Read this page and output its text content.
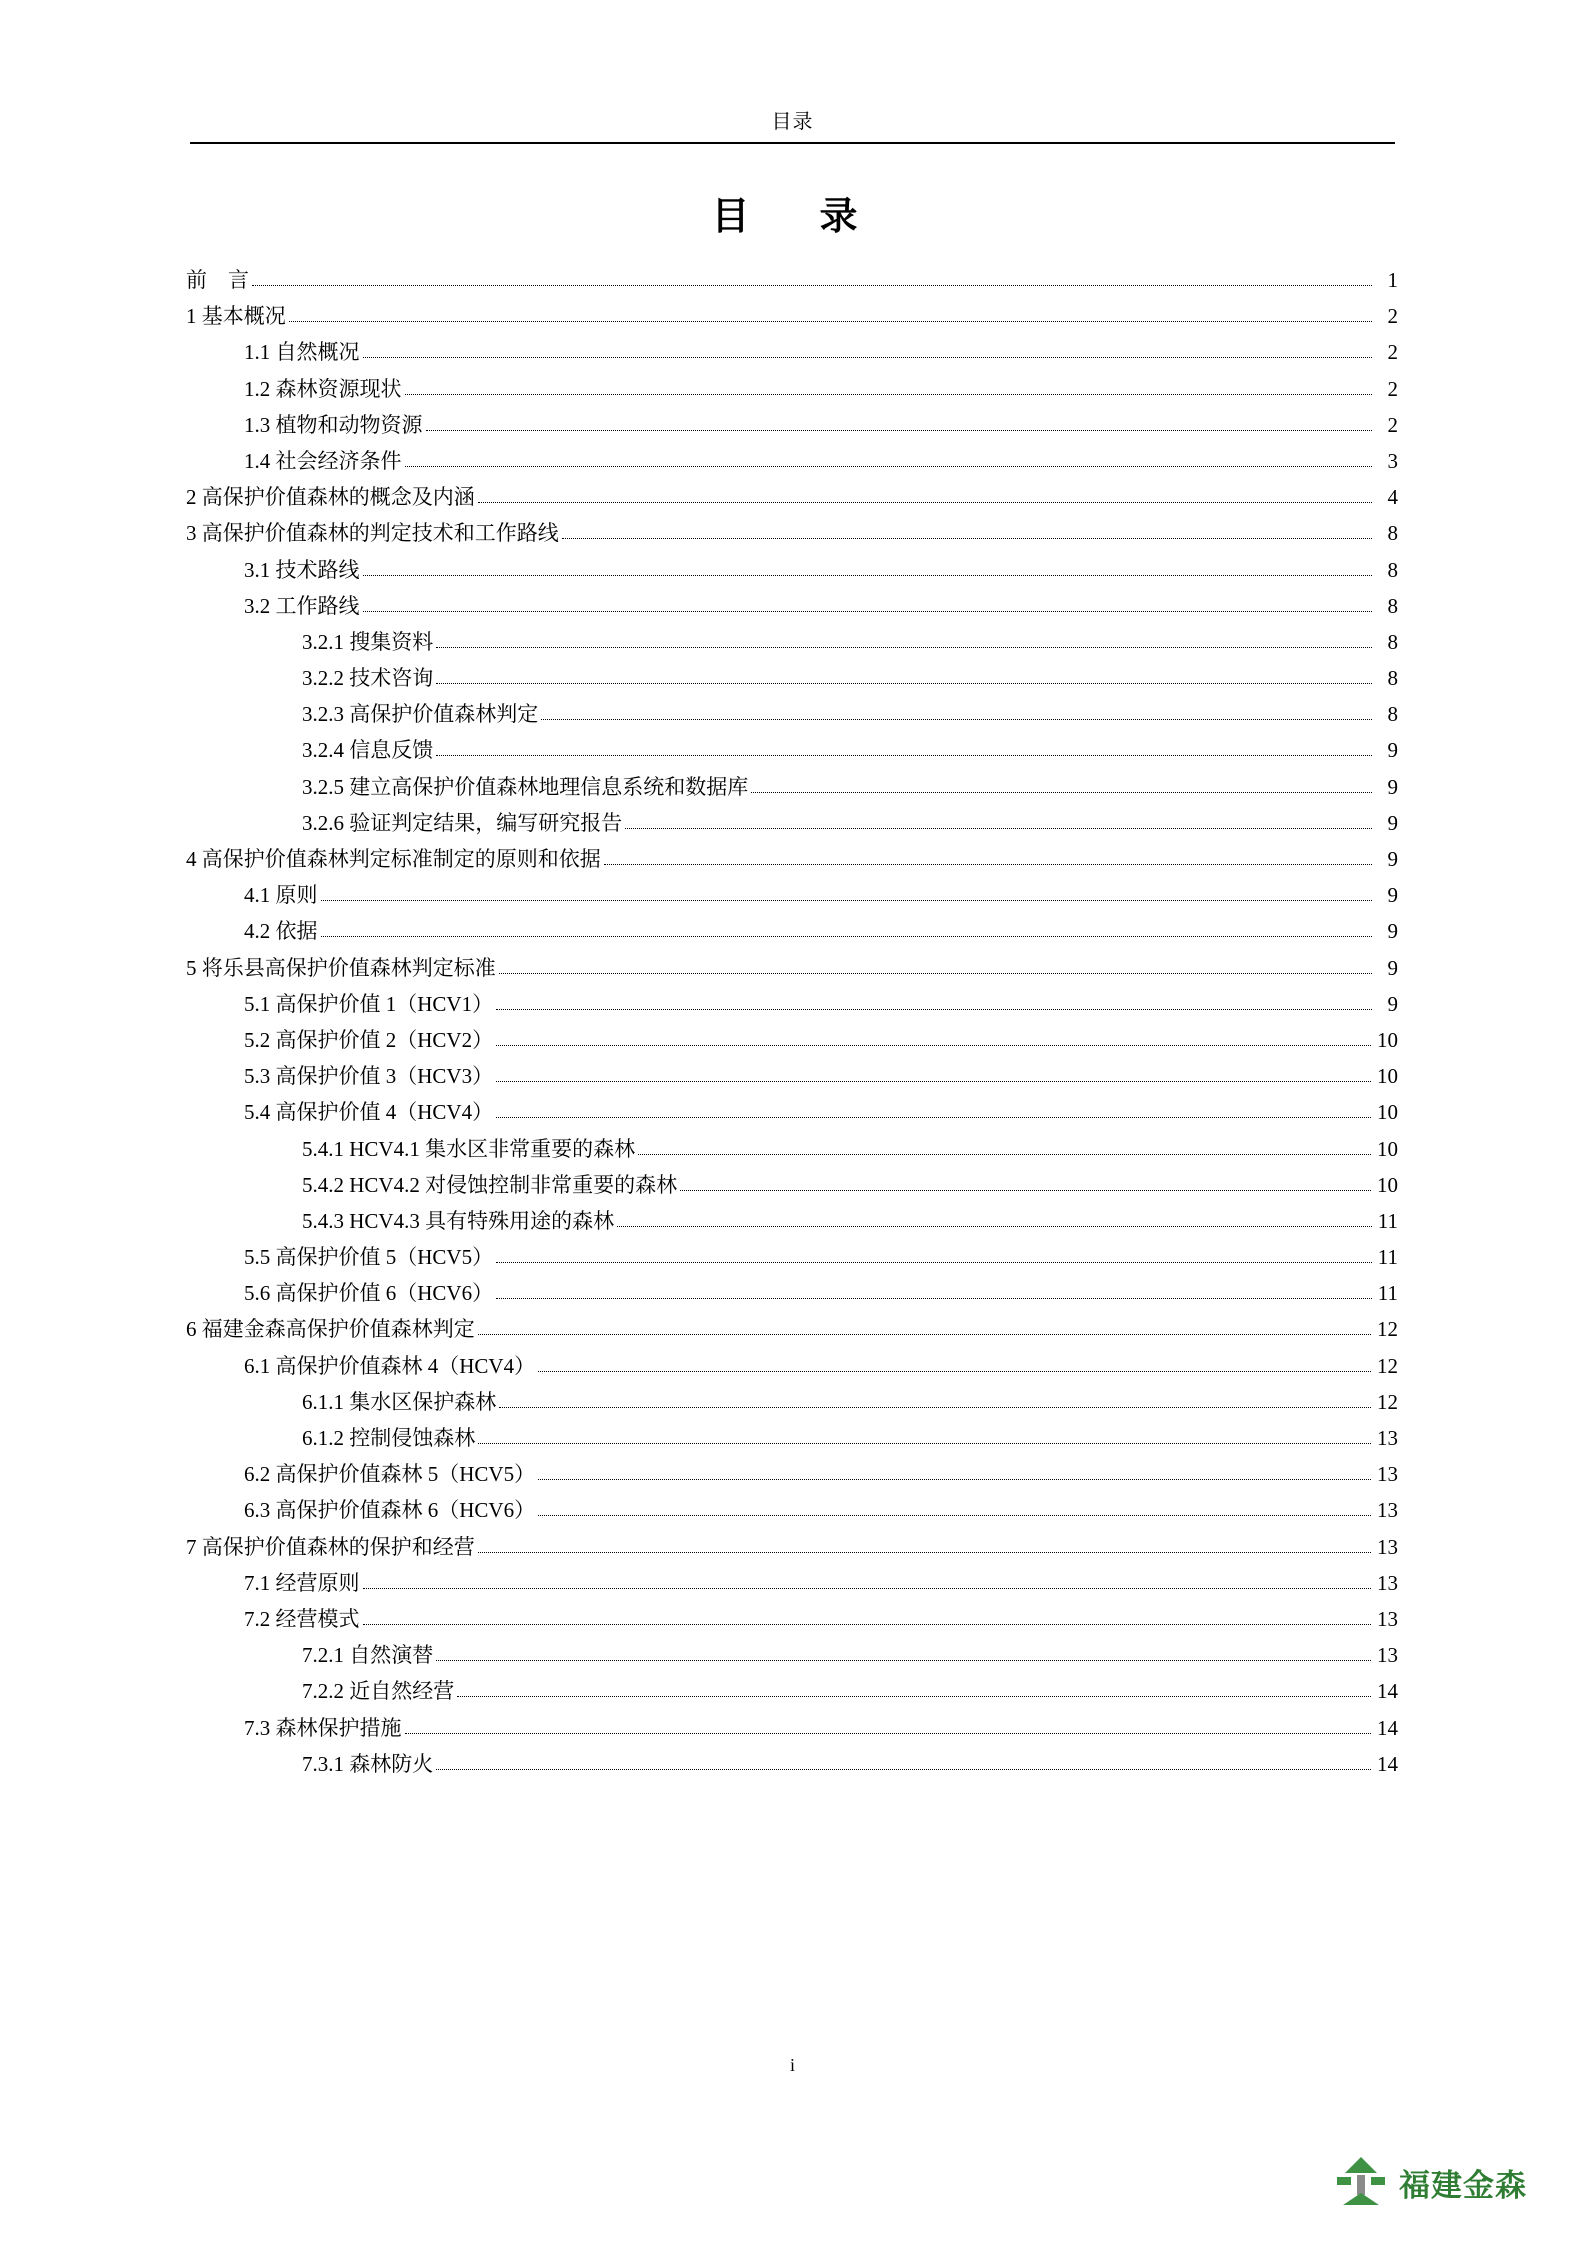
目录
目　录
前　言	1
1 基本概况	2
1.1 自然概况	2
1.2 森林资源现状	2
1.3 植物和动物资源	2
1.4 社会经济条件	3
2 高保护价值森林的概念及内涵	4
3 高保护价值森林的判定技术和工作路线	8
3.1 技术路线	8
3.2 工作路线	8
3.2.1 搜集资料	8
3.2.2 技术咨询	8
3.2.3 高保护价值森林判定	8
3.2.4 信息反馈	9
3.2.5 建立高保护价值森林地理信息系统和数据库	9
3.2.6 验证判定结果，编写研究报告	9
4 高保护价值森林判定标准制定的原则和依据	9
4.1 原则	9
4.2 依据	9
5 将乐县高保护价值森林判定标准	9
5.1 高保护价值 1（HCV1）	9
5.2 高保护价值 2（HCV2）	10
5.3 高保护价值 3（HCV3）	10
5.4 高保护价值 4（HCV4）	10
5.4.1 HCV4.1 集水区非常重要的森林	10
5.4.2 HCV4.2 对侵蚀控制非常重要的森林	10
5.4.3 HCV4.3 具有特殊用途的森林	11
5.5 高保护价值 5（HCV5）	11
5.6 高保护价值 6（HCV6）	11
6 福建金森高保护价值森林判定	12
6.1 高保护价值森林 4（HCV4）	12
6.1.1 集水区保护森林	12
6.1.2 控制侵蚀森林	13
6.2 高保护价值森林 5（HCV5）	13
6.3 高保护价值森林 6（HCV6）	13
7 高保护价值森林的保护和经营	13
7.1 经营原则	13
7.2 经营模式	13
7.2.1 自然演替	13
7.2.2 近自然经营	14
7.3 森林保护措施	14
7.3.1 森林防火	14
i
福建金森
